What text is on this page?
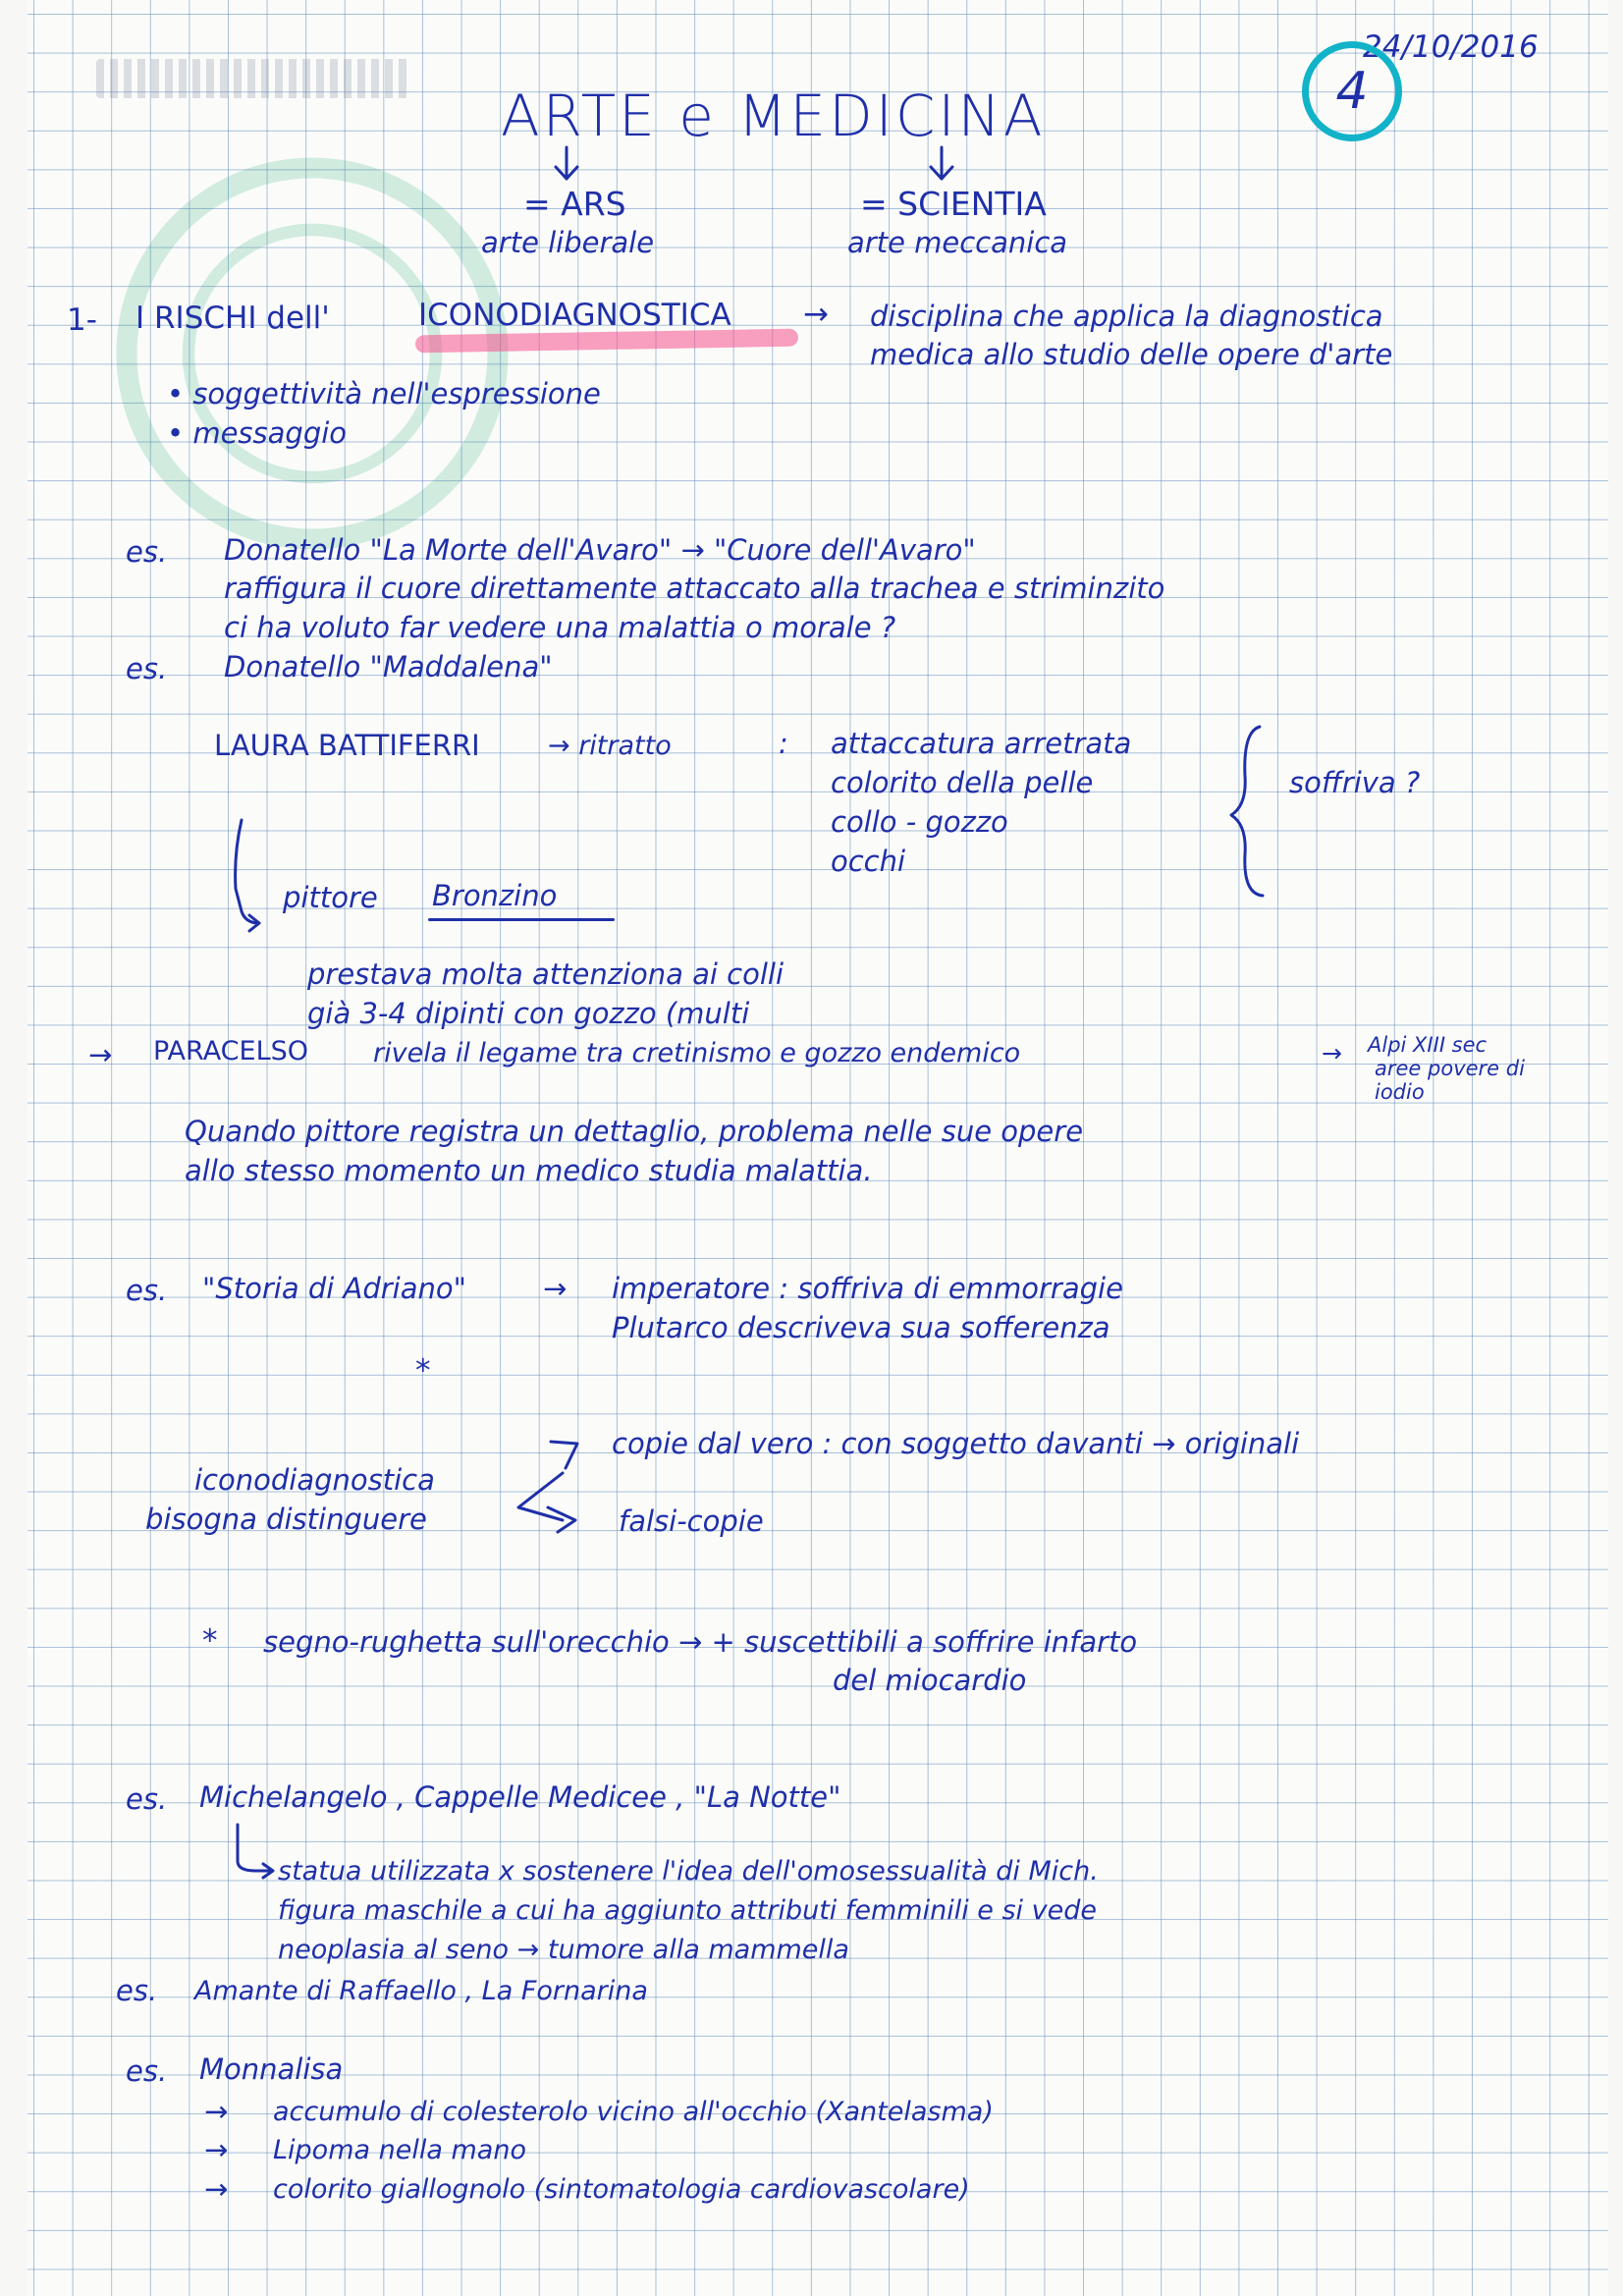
24/10/2016
4
ARTE e MEDICINA
= ARS
arte liberale
= SCIENTIA
arte meccanica
1- I RISCHI dell'	ICONODIAGNOSTICA → disciplina che applica la diagnostica
medica allo studio delle opere d'arte
• soggettività nell'espressione
• messaggio
es. Donatello "La Morte dell'Avaro" → "Cuore dell'Avaro"
raffigura il cuore direttamente attaccato alla trachea e striminzito
ci ha voluto far vedere una malattia o morale ?
es. Donatello "Maddalena"
LAURA BATTIFERRI	→ ritratto	: attaccatura arretrata
colorito della pelle
collo - gozzo
occhi
soffriva ?
pittore Bronzino
prestava molta attenziona ai colli
già 3-4 dipinti con gozzo (multi
→ PARACELSO rivela il legame tra cretinismo e gozzo endemico	→ Alpi XIII sec
aree povere di
iodio
Quando pittore registra un dettaglio, problema nelle sue opere
allo stesso momento un medico studia malattia.
es. "Storia di Adriano"	→ imperatore : soffriva di emmorragie
Plutarco descriveva sua sofferenza
*
iconodiagnostica
bisogna distinguere
copie dal vero : con soggetto davanti → originali
falsi-copie
* segno-rughetta sull'orecchio → + suscettibili a soffrire infarto
del miocardio
es. Michelangelo , Cappelle Medicee , "La Notte"
statua utilizzata x sostenere l'idea dell'omosessualità di Mich.
figura maschile a cui ha aggiunto attributi femminili e si vede
neoplasia al seno → tumore alla mammella
es. Amante di Raffaello , La Fornarina
es. Monnalisa
→ accumulo di colesterolo vicino all'occhio (Xantelasma)
→ Lipoma nella mano
→ colorito giallognolo (sintomatologia cardiovascolare)
